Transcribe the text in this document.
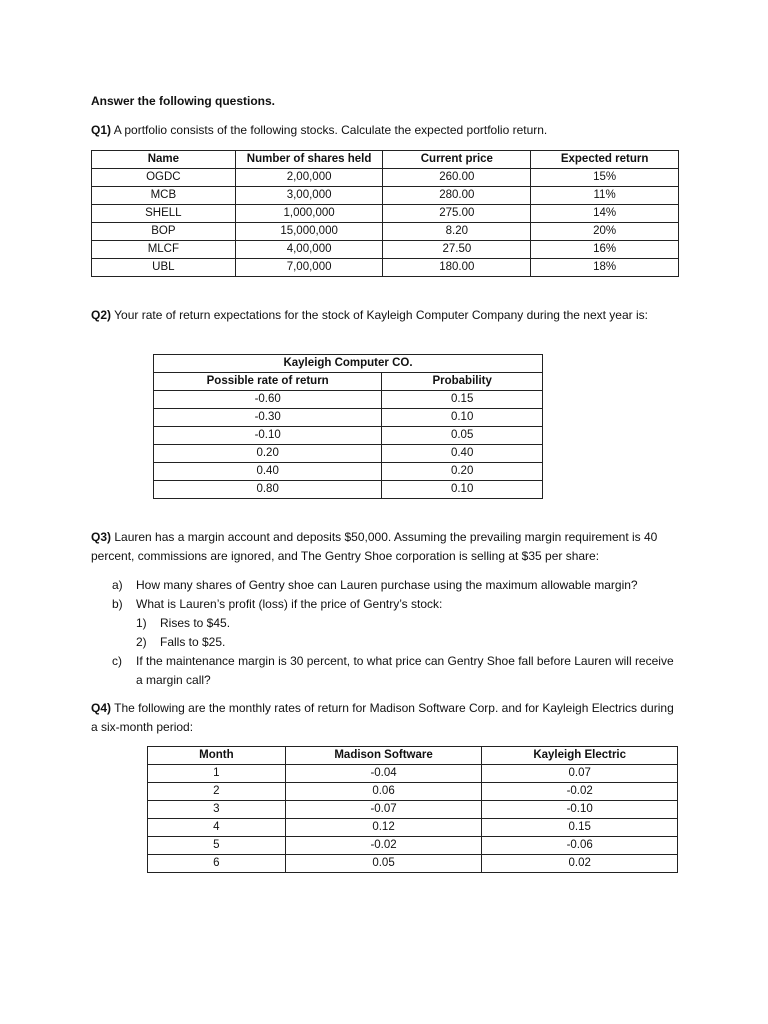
Answer the following questions.

Q1) A portfolio consists of the following stocks. Calculate the expected portfolio return.

Name	Number of shares held	Current price	Expected return
OGDC	2,00,000	260.00	15%
MCB	3,00,000	280.00	11%
SHELL	1,000,000	275.00	14%
BOP	15,000,000	8.20	20%
MLCF	4,00,000	27.50	16%
UBL	7,00,000	180.00	18%

Q2) Your rate of return expectations for the stock of Kayleigh Computer Company during the next year is:

Kayleigh Computer CO.	
Possible rate of return	Probability
-0.60	0.15
-0.30	0.10
-0.10	0.05
0.20	0.40
0.40	0.20
0.80	0.10

Q3) Lauren has a margin account and deposits $50,000. Assuming the prevailing margin requirement is 40 percent, commissions are ignored, and The Gentry Shoe corporation is selling at $35 per share:

a) How many shares of Gentry shoe can Lauren purchase using the maximum allowable margin?
b) What is Lauren’s profit (loss) if the price of Gentry’s stock:
1) Rises to $45.
2) Falls to $25.
c) If the maintenance margin is 30 percent, to what price can Gentry Shoe fall before Lauren will receive a margin call?

Q4) The following are the monthly rates of return for Madison Software Corp. and for Kayleigh Electrics during a six-month period:

Month	Madison Software	Kayleigh Electric
1	-0.04	0.07
2	0.06	-0.02
3	-0.07	-0.10
4	0.12	0.15
5	-0.02	-0.06
6	0.05	0.02
